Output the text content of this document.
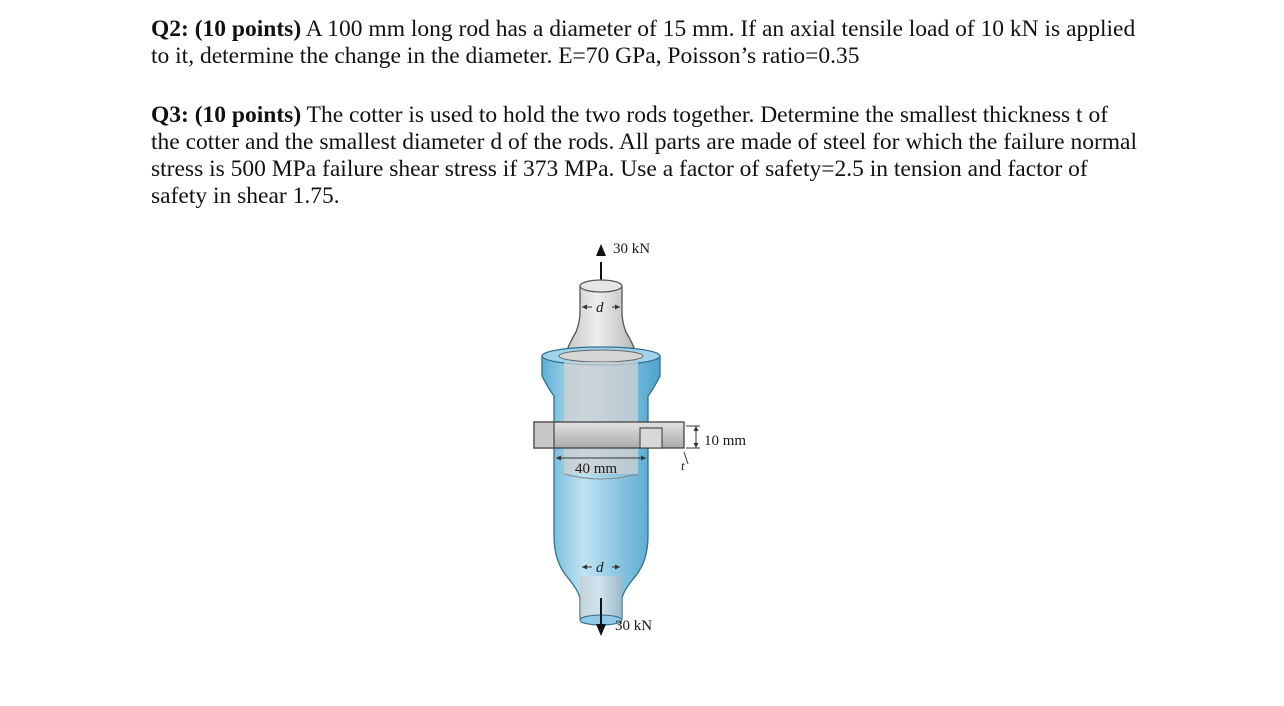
Q2: (10 points) A 100 mm long rod has a diameter of 15 mm. If an axial tensile load of 10 kN is applied to it, determine the change in the diameter. E=70 GPa, Poisson’s ratio=0.35
Q3: (10 points) The cotter is used to hold the two rods together. Determine the smallest thickness t of the cotter and the smallest diameter d of the rods. All parts are made of steel for which the failure normal stress is 500 MPa failure shear stress if 373 MPa. Use a factor of safety=2.5 in tension and factor of safety in shear 1.75.
30 kN
d
10 mm
t
40 mm
d
30 kN
